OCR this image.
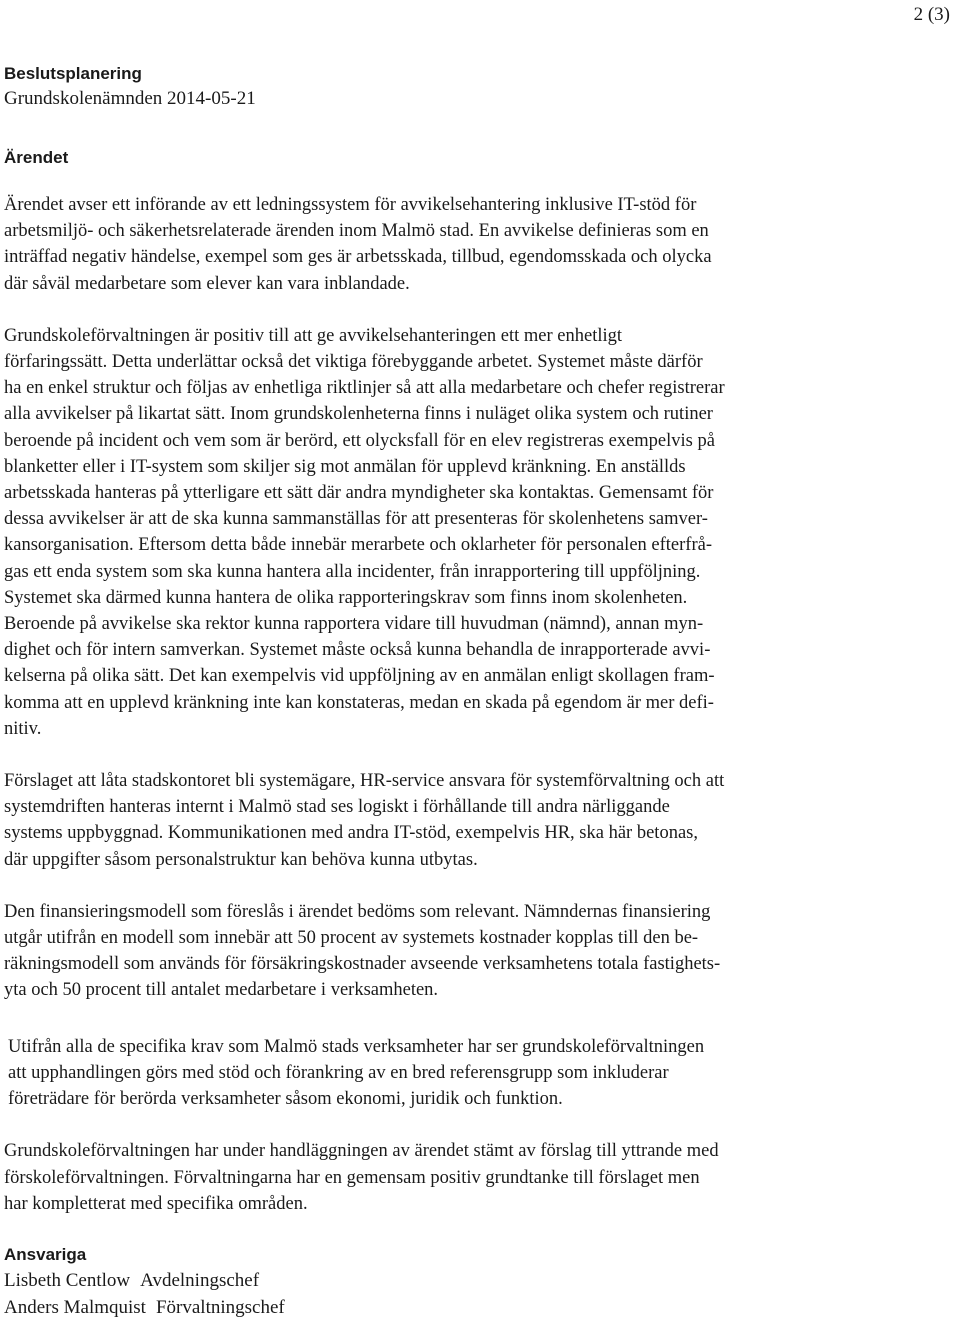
2 (3)

Beslutsplanering

Grundskolenämnden 2014-05-21

Ärendet

Ärendet avser ett införande av ett ledningssystem för avvikelsehantering inklusive IT-stöd för
arbetsmiljö- och säkerhetsrelaterade ärenden inom Malmö stad. En avvikelse definieras som en
inträffad negativ händelse, exempel som ges är arbetsskada, tillbud, egendomsskada och olycka
där såväl medarbetare som elever kan vara inblandade.
Grundskoleförvaltningen är positiv till att ge avvikelsehanteringen ett mer enhetligt
förfaringssätt. Detta underlättar också det viktiga förebyggande arbetet. Systemet måste därför
ha en enkel struktur och följas av enhetliga riktlinjer så att alla medarbetare och chefer registrerar
alla avvikelser på likartat sätt. Inom grundskolenheterna finns i nuläget olika system och rutiner
beroende på incident och vem som är berörd, ett olycksfall för en elev registreras exempelvis på
blanketter eller i IT-system som skiljer sig mot anmälan för upplevd kränkning. En anställds
arbetsskada hanteras på ytterligare ett sätt där andra myndigheter ska kontaktas. Gemensamt för
dessa avvikelser är att de ska kunna sammanställas för att presenteras för skolenhetens samver-
kansorganisation. Eftersom detta både innebär merarbete och oklarheter för personalen efterfrå-
gas ett enda system som ska kunna hantera alla incidenter, från inrapportering till uppföljning.
Systemet ska därmed kunna hantera de olika rapporteringskrav som finns inom skolenheten.
Beroende på avvikelse ska rektor kunna rapportera vidare till huvudman (nämnd), annan myn-
dighet och för intern samverkan. Systemet måste också kunna behandla de inrapporterade avvi-
kelserna på olika sätt. Det kan exempelvis vid uppföljning av en anmälan enligt skollagen fram-
komma att en upplevd kränkning inte kan konstateras, medan en skada på egendom är mer defi-
nitiv.
Förslaget att låta stadskontoret bli systemägare, HR-service ansvara för systemförvaltning och att
systemdriften hanteras internt i Malmö stad ses logiskt i förhållande till andra närliggande
systems uppbyggnad. Kommunikationen med andra IT-stöd, exempelvis HR, ska här betonas,
där uppgifter såsom personalstruktur kan behöva kunna utbytas.
Den finansieringsmodell som föreslås i ärendet bedöms som relevant. Nämndernas finansiering
utgår utifrån en modell som innebär att 50 procent av systemets kostnader kopplas till den be-
räkningsmodell som används för försäkringskostnader avseende verksamhetens totala fastighets-
yta och 50 procent till antalet medarbetare i verksamheten.
Utifrån alla de specifika krav som Malmö stads verksamheter har ser grundskoleförvaltningen
att upphandlingen görs med stöd och förankring av en bred referensgrupp som inkluderar
företrädare för berörda verksamheter såsom ekonomi, juridik och funktion.
Grundskoleförvaltningen har under handläggningen av ärendet stämt av förslag till yttrande med
förskoleförvaltningen. Förvaltningarna har en gemensam positiv grundtanke till förslaget men
har kompletterat med specifika områden.

Ansvariga

Lisbeth Centlow Avdelningschef

Anders Malmquist Förvaltningschef
